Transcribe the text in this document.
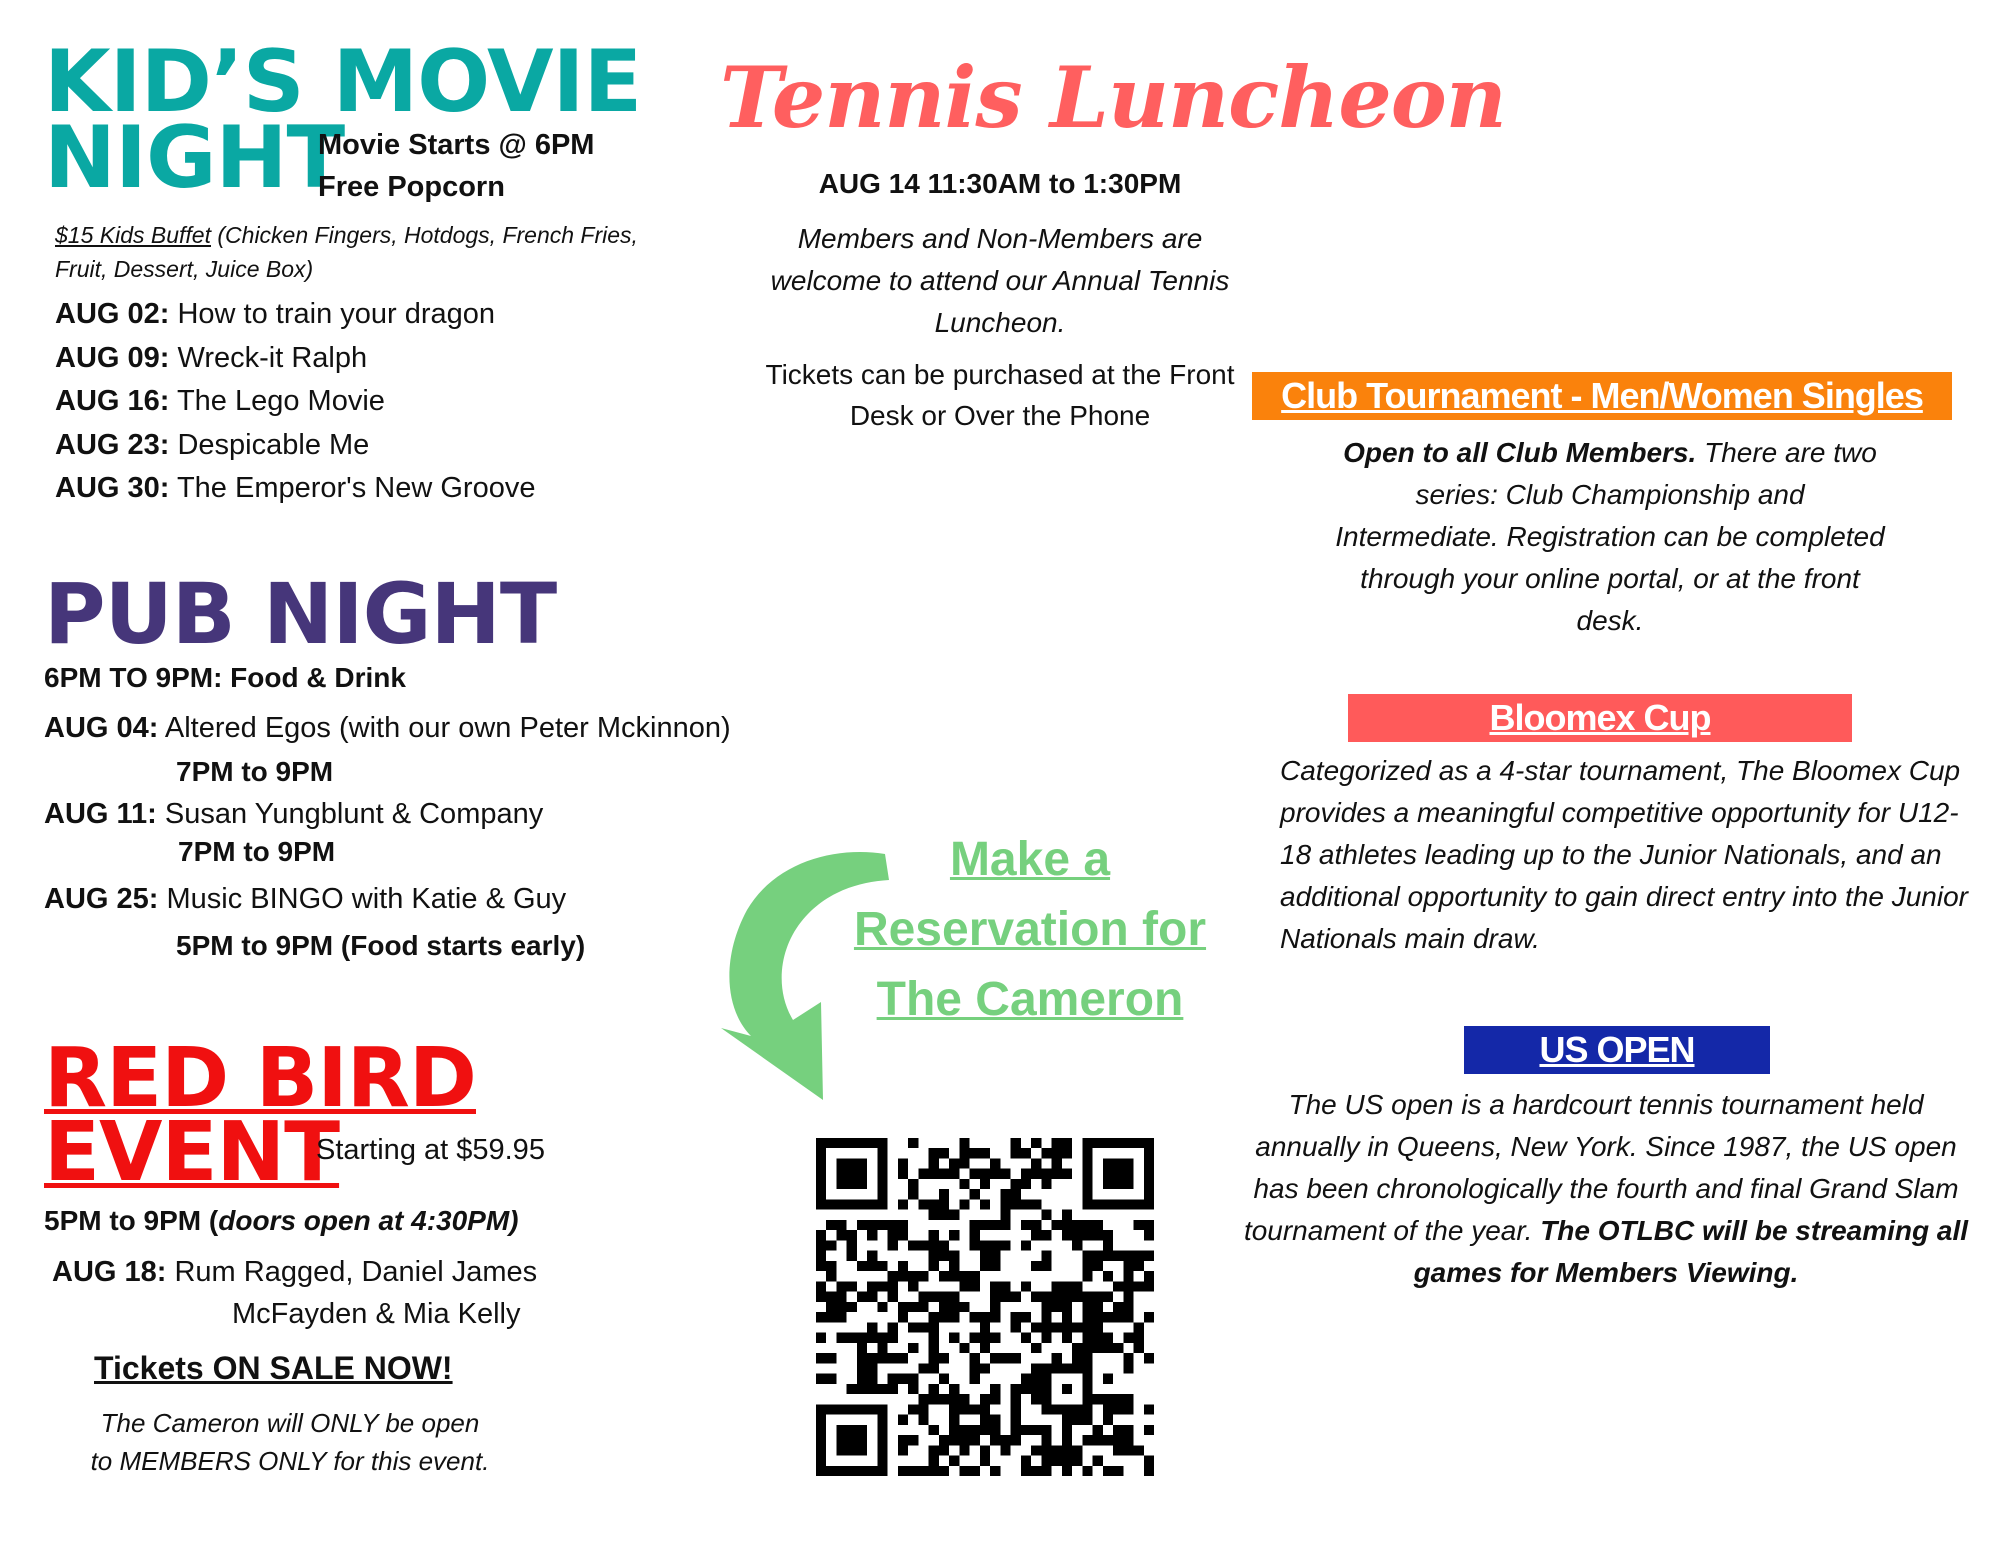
KID’S MOVIE
NIGHT
Movie Starts @ 6PM
Free Popcorn
$15 Kids Buffet (Chicken Fingers, Hotdogs, French Fries, Fruit, Dessert, Juice Box)
AUG 02: How to train your dragon
AUG 09: Wreck-it Ralph
AUG 16: The Lego Movie
AUG 23: Despicable Me
AUG 30: The Emperor's New Groove
PUB NIGHT
6PM TO 9PM: Food & Drink
AUG 04: Altered Egos (with our own Peter Mckinnon)
7PM to 9PM
AUG 11: Susan Yungblunt & Company
7PM to 9PM
AUG 25: Music BINGO with Katie & Guy
5PM to 9PM (Food starts early)
RED BIRD
EVENT
Starting at $59.95
5PM to 9PM (doors open at 4:30PM)
AUG 18: Rum Ragged, Daniel James
McFayden & Mia Kelly
Tickets ON SALE NOW!
The Cameron will ONLY be open to MEMBERS ONLY for this event.
Tennis Luncheon
AUG 14 11:30AM to 1:30PM
Members and Non-Members are welcome to attend our Annual Tennis Luncheon.
Tickets can be purchased at the Front Desk or Over the Phone
Make a
Reservation for
The Cameron
Club Tournament - Men/Women Singles
Open to all Club Members. There are two series: Club Championship and Intermediate. Registration can be completed through your online portal, or at the front desk.
Bloomex Cup
Categorized as a 4-star tournament, The Bloomex Cup provides a meaningful competitive opportunity for U12-18 athletes leading up to the Junior Nationals, and an additional opportunity to gain direct entry into the Junior Nationals main draw.
US OPEN
The US open is a hardcourt tennis tournament held annually in Queens, New York. Since 1987, the US open has been chronologically the fourth and final Grand Slam tournament of the year. The OTLBC will be streaming all games for Members Viewing.
